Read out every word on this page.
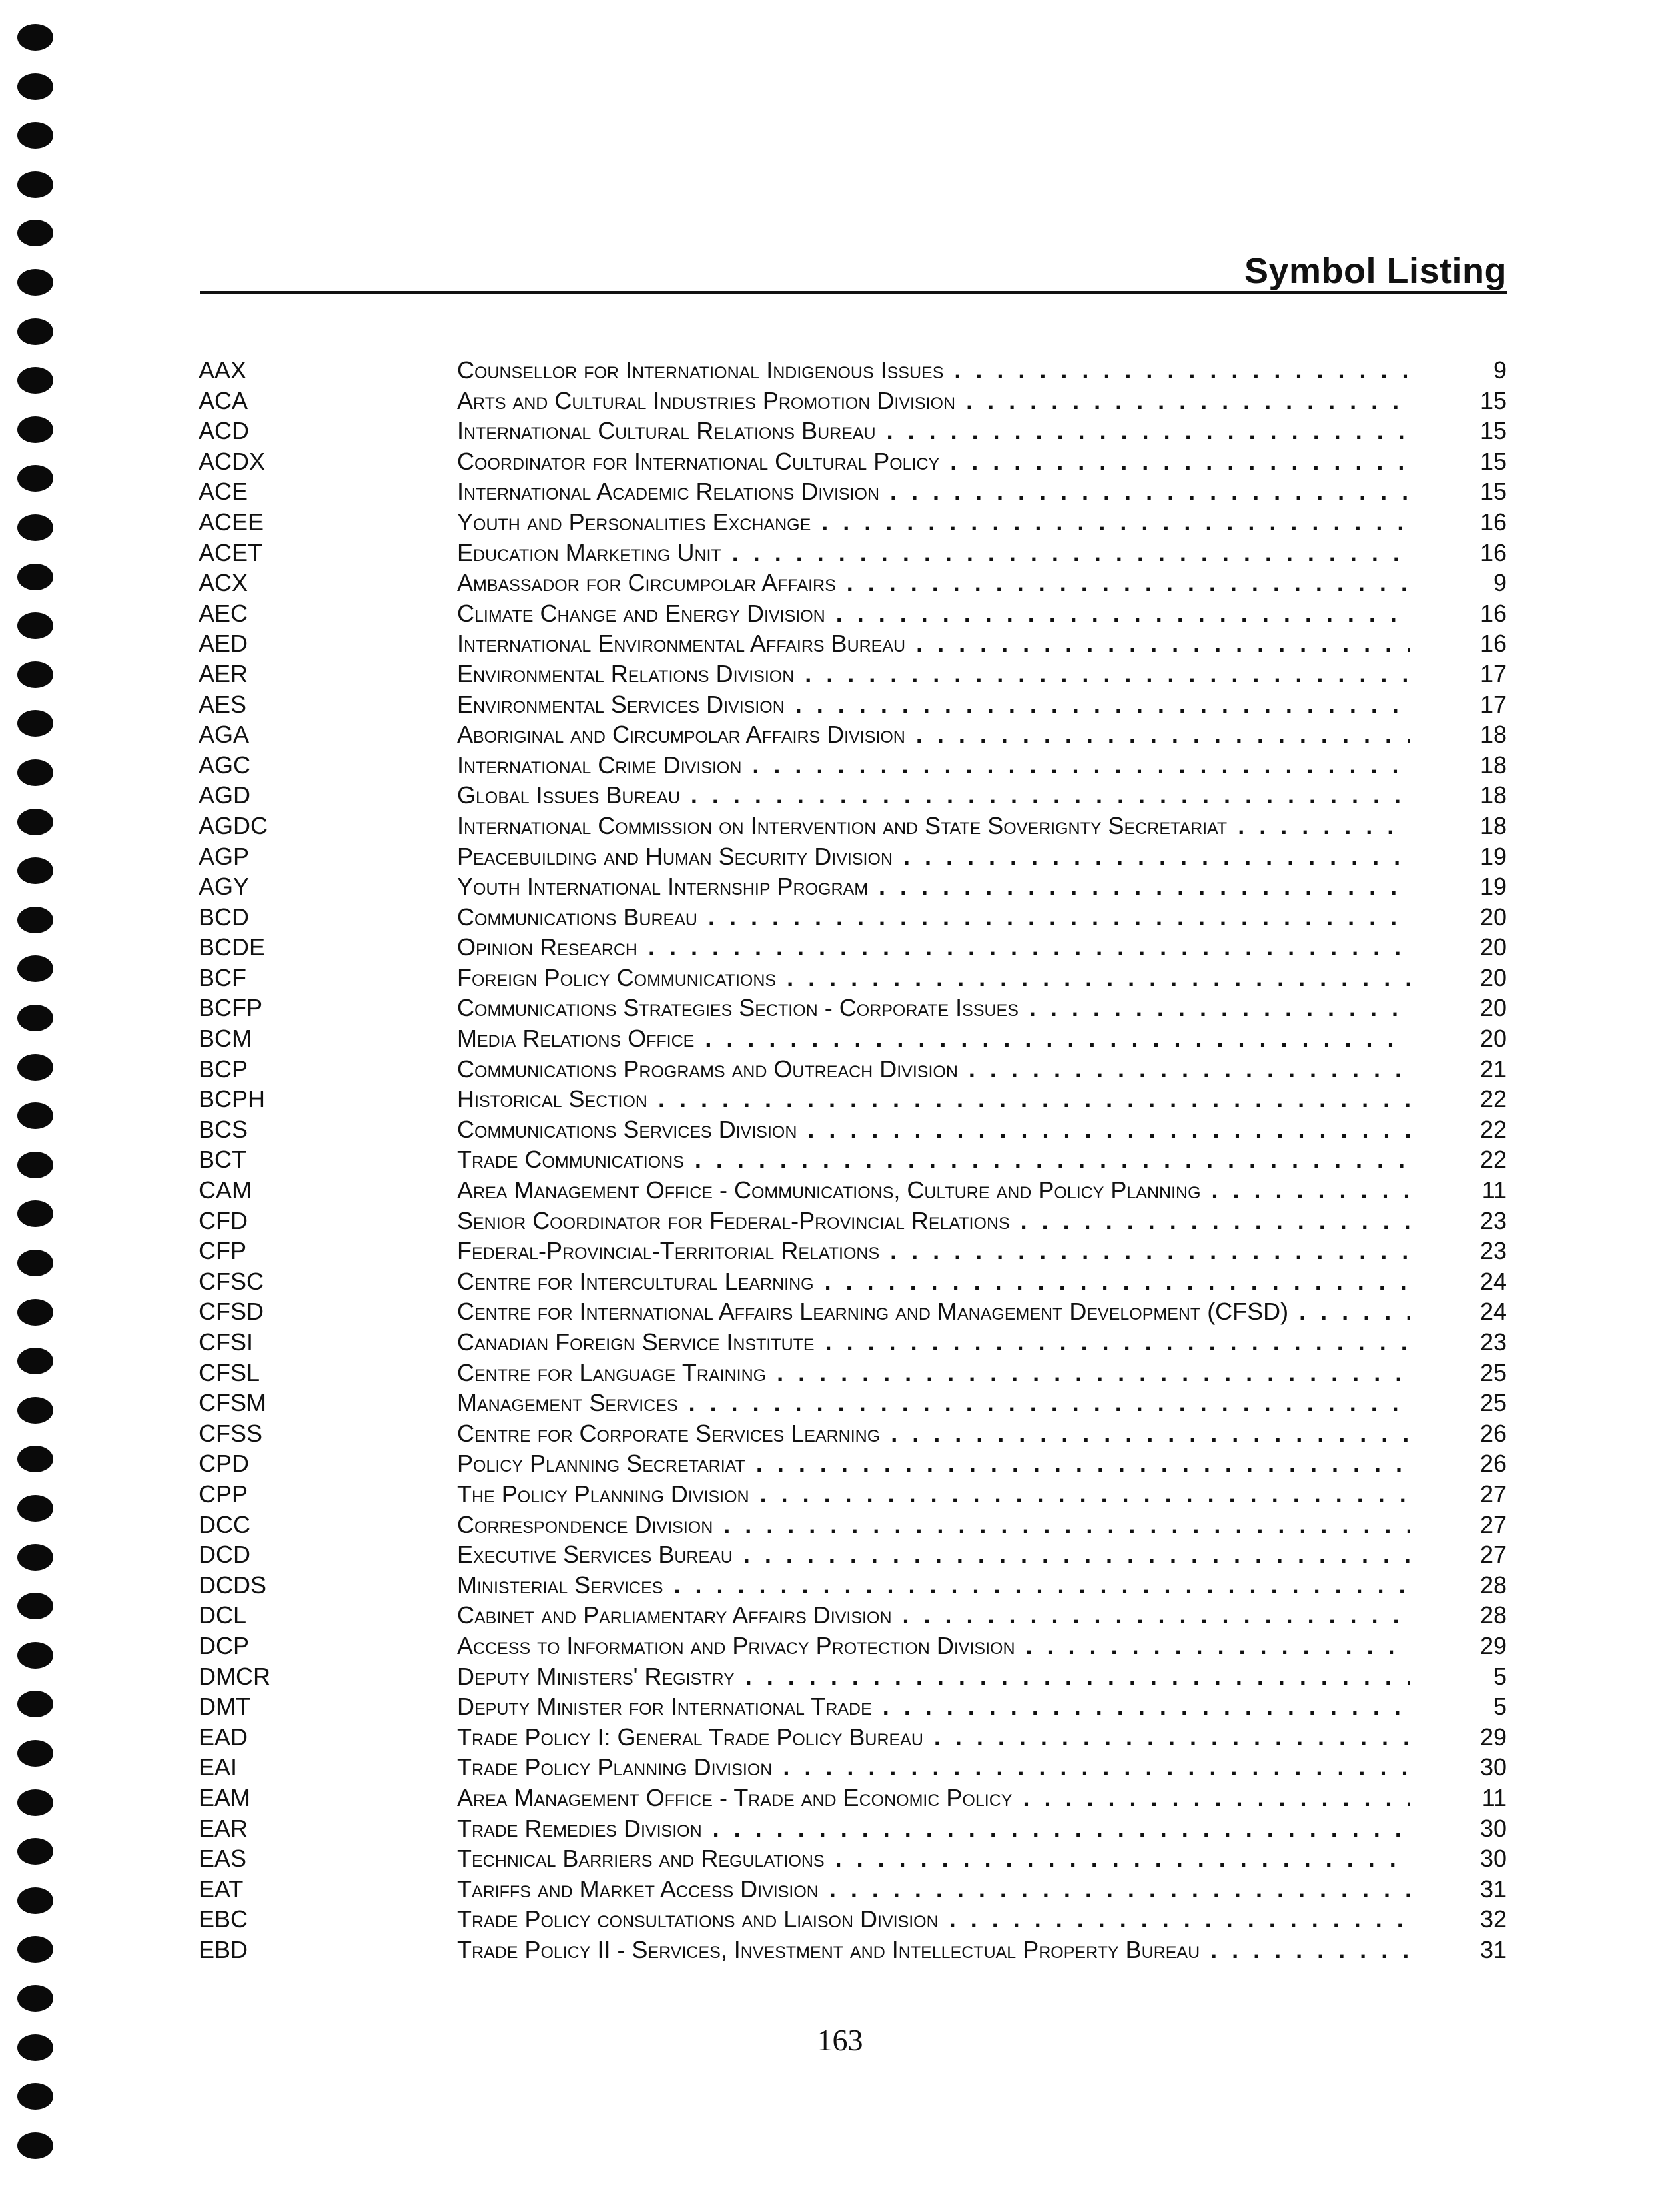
Symbol Listing
AAX	Counsellor for International Indigenous Issues . . .	9
ACA	Arts and Cultural Industries Promotion Division . . .	15
ACD	International Cultural Relations Bureau . . .	15
ACDX	Coordinator for International Cultural Policy . . .	15
ACE	International Academic Relations Division . . .	15
ACEE	Youth and Personalities Exchange . . .	16
ACET	Education Marketing Unit . . .	16
ACX	Ambassador for Circumpolar Affairs . . .	9
AEC	Climate Change and Energy Division . . .	16
AED	International Environmental Affairs Bureau . . .	16
AER	Environmental Relations Division . . .	17
AES	Environmental Services Division . . .	17
AGA	Aboriginal and Circumpolar Affairs Division . . .	18
AGC	International Crime Division . . .	18
AGD	Global Issues Bureau . . .	18
AGDC	International Commission on Intervention and State Soverignty Secretariat . . .	18
AGP	Peacebuilding and Human Security Division . . .	19
AGY	Youth International Internship Program . . .	19
BCD	Communications Bureau . . .	20
BCDE	Opinion Research . . .	20
BCF	Foreign Policy Communications . . .	20
BCFP	Communications Strategies Section - Corporate Issues . . .	20
BCM	Media Relations Office . . .	20
BCP	Communications Programs and Outreach Division . . .	21
BCPH	Historical Section . . .	22
BCS	Communications Services Division . . .	22
BCT	Trade Communications . . .	22
CAM	Area Management Office - Communications, Culture and Policy Planning . . .	11
CFD	Senior Coordinator for Federal-Provincial Relations . . .	23
CFP	Federal-Provincial-Territorial Relations . . .	23
CFSC	Centre for Intercultural Learning . . .	24
CFSD	Centre for International Affairs Learning and Management Development (CFSD) . . .	24
CFSI	Canadian Foreign Service Institute . . .	23
CFSL	Centre for Language Training . . .	25
CFSM	Management Services . . .	25
CFSS	Centre for Corporate Services Learning . . .	26
CPD	Policy Planning Secretariat . . .	26
CPP	The Policy Planning Division . . .	27
DCC	Correspondence Division . . .	27
DCD	Executive Services Bureau . . .	27
DCDS	Ministerial Services . . .	28
DCL	Cabinet and Parliamentary Affairs Division . . .	28
DCP	Access to Information and Privacy Protection Division . . .	29
DMCR	Deputy Ministers' Registry . . .	5
DMT	Deputy Minister for International Trade . . .	5
EAD	Trade Policy I: General Trade Policy Bureau . . .	29
EAI	Trade Policy Planning Division . . .	30
EAM	Area Management Office - Trade and Economic Policy . . .	11
EAR	Trade Remedies Division . . .	30
EAS	Technical Barriers and Regulations . . .	30
EAT	Tariffs and Market Access Division . . .	31
EBC	Trade Policy consultations and Liaison Division . . .	32
EBD	Trade Policy II - Services, Investment and Intellectual Property Bureau . . .	31
163
